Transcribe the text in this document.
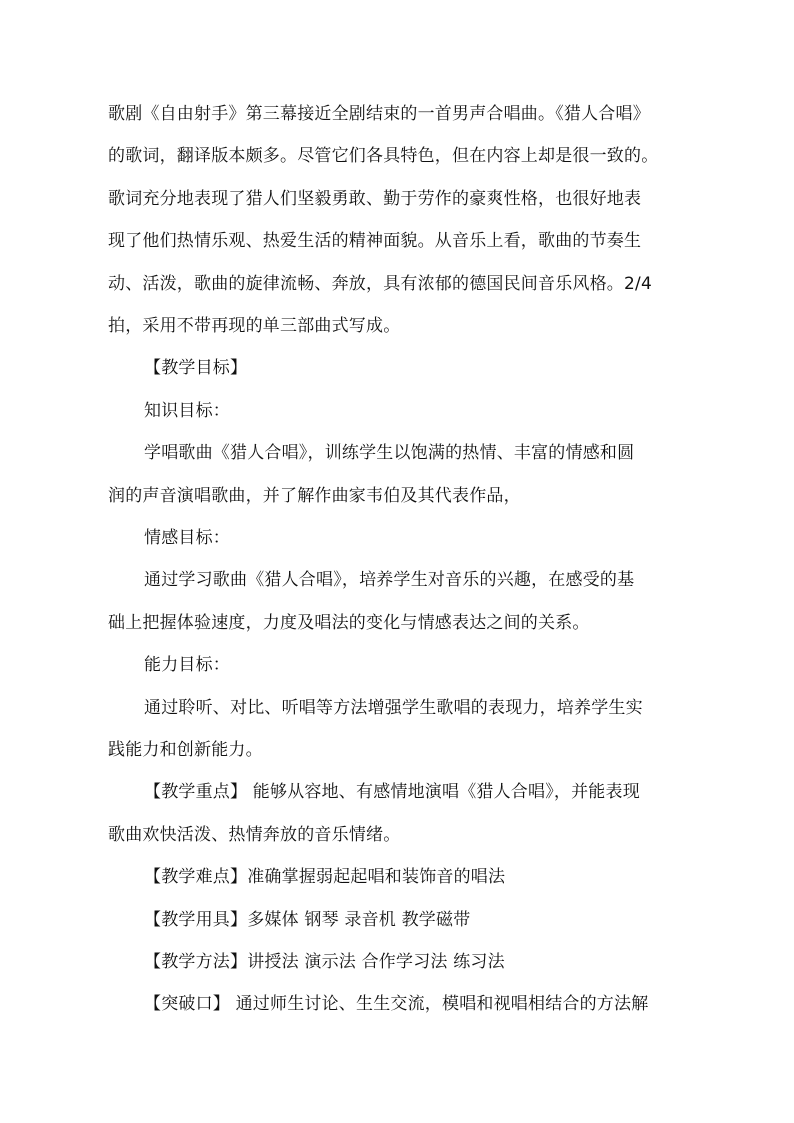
歌剧《自由射手》第三幕接近全剧结束的一首男声合唱曲。《猎人合唱》
的歌词，翻译版本颇多。尽管它们各具特色，但在内容上却是很一致的。
歌词充分地表现了猎人们坚毅勇敢、勤于劳作的豪爽性格，也很好地表
现了他们热情乐观、热爱生活的精神面貌。从音乐上看，歌曲的节奏生
动、活泼，歌曲的旋律流畅、奔放，具有浓郁的德国民间音乐风格。2/4
拍，采用不带再现的单三部曲式写成。
【教学目标】
知识目标：
学唱歌曲《猎人合唱》，训练学生以饱满的热情、丰富的情感和圆
润的声音演唱歌曲，并了解作曲家韦伯及其代表作品，
情感目标：
通过学习歌曲《猎人合唱》，培养学生对音乐的兴趣，在感受的基
础上把握体验速度，力度及唱法的变化与情感表达之间的关系。
能力目标：
通过聆听、对比、听唱等方法增强学生歌唱的表现力，培养学生实
践能力和创新能力。
【教学重点】 能够从容地、有感情地演唱《猎人合唱》，并能表现
歌曲欢快活泼、热情奔放的音乐情绪。
【教学难点】准确掌握弱起起唱和装饰音的唱法
【教学用具】多媒体 钢琴 录音机 教学磁带
【教学方法】讲授法 演示法 合作学习法 练习法
【突破口】 通过师生讨论、生生交流，模唱和视唱相结合的方法解
